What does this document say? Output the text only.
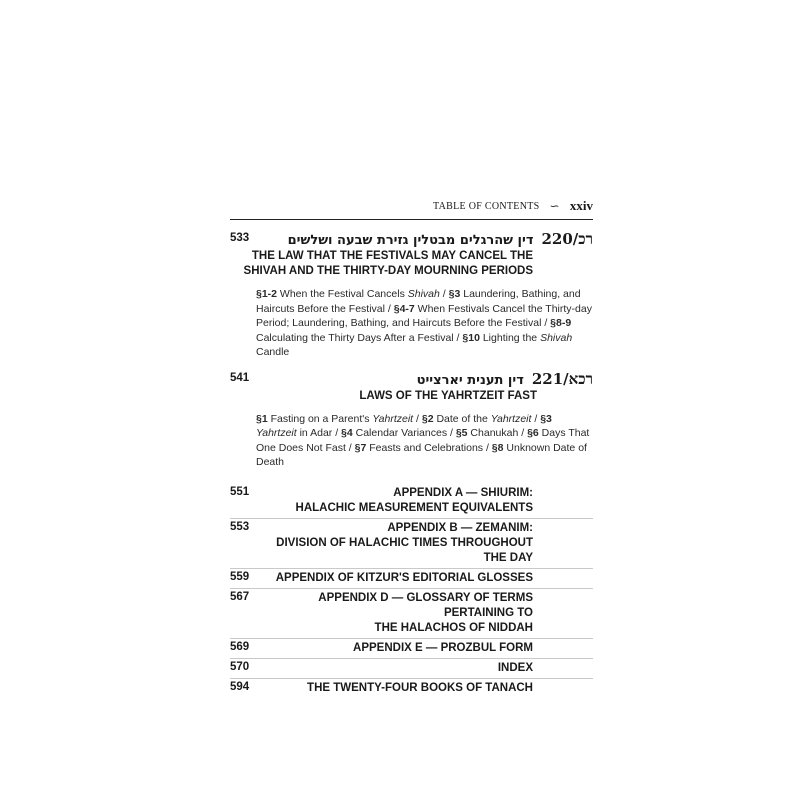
TABLE OF CONTENTS ∽ xxiv
533	דין שהרגלים מבטלין גזירת שבעה ושלשים 220/רכ
THE LAW THAT THE FESTIVALS MAY CANCEL THE
SHIVAH AND THE THIRTY-DAY MOURNING PERIODS
§1-2 When the Festival Cancels Shivah / §3 Laundering, Bathing, and Haircuts Before the Festival / §4-7 When Festivals Cancel the Thirty-day Period; Laundering, Bathing, and Haircuts Before the Festival / §8-9 Calculating the Thirty Days After a Festival / §10 Lighting the Shivah Candle
541	דין תענית יארצייט 221/רכא
LAWS OF THE YAHRTZEIT FAST
§1 Fasting on a Parent's Yahrtzeit / §2 Date of the Yahrtzeit / §3 Yahrtzeit in Adar / §4 Calendar Variances / §5 Chanukah / §6 Days That One Does Not Fast / §7 Feasts and Celebrations / §8 Unknown Date of Death
551	APPENDIX A — SHIURIM:
HALACHIC MEASUREMENT EQUIVALENTS
553	APPENDIX B — ZEMANIM:
DIVISION OF HALACHIC TIMES THROUGHOUT THE DAY
559	APPENDIX OF KITZUR'S EDITORIAL GLOSSES
567	APPENDIX D — GLOSSARY OF TERMS PERTAINING TO
THE HALACHOS OF NIDDAH
569	APPENDIX E — PROZBUL FORM
570	INDEX
594	THE TWENTY-FOUR BOOKS OF TANACH
